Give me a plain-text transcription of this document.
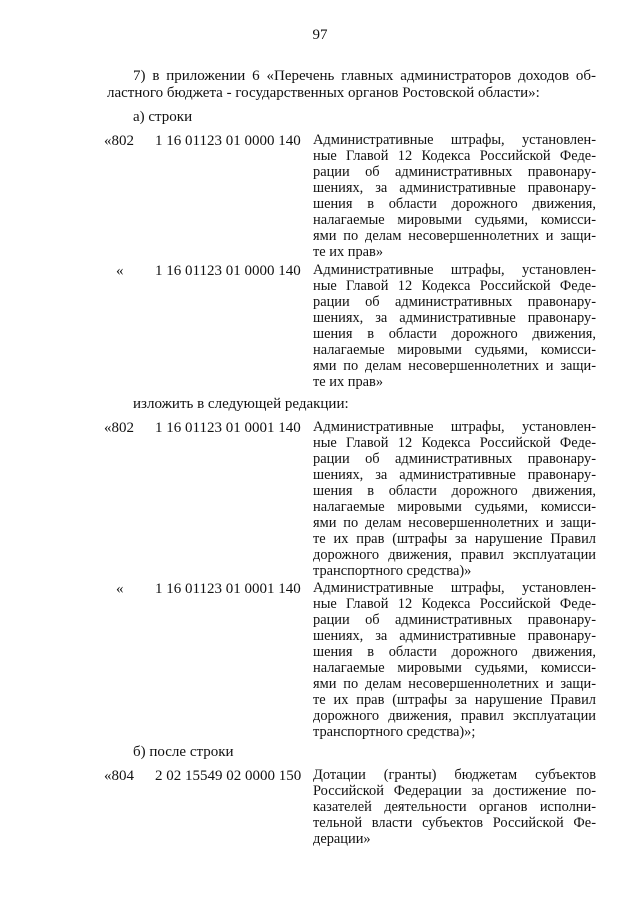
97
7) в приложении 6 «Перечень главных администраторов доходов об-
ластного бюджета - государственных органов Ростовской области»:
а) строки
«802 1 16 01123 01 0000 140 Административные штрафы, установлен-
ные Главой 12 Кодекса Российской Феде-
рации об административных правонару-
шениях, за административные правонару-
шения в области дорожного движения,
налагаемые мировыми судьями, комисси-
ями по делам несовершеннолетних и защи-
те их прав»
« 1 16 01123 01 0000 140 Административные штрафы, установлен-
ные Главой 12 Кодекса Российской Феде-
рации об административных правонару-
шениях, за административные правонару-
шения в области дорожного движения,
налагаемые мировыми судьями, комисси-
ями по делам несовершеннолетних и защи-
те их прав»
изложить в следующей редакции:
«802 1 16 01123 01 0001 140 Административные штрафы, установлен-
ные Главой 12 Кодекса Российской Феде-
рации об административных правонару-
шениях, за административные правонару-
шения в области дорожного движения,
налагаемые мировыми судьями, комисси-
ями по делам несовершеннолетних и защи-
те их прав (штрафы за нарушение Правил
дорожного движения, правил эксплуатации
транспортного средства)»
« 1 16 01123 01 0001 140 Административные штрафы, установлен-
ные Главой 12 Кодекса Российской Феде-
рации об административных правонару-
шениях, за административные правонару-
шения в области дорожного движения,
налагаемые мировыми судьями, комисси-
ями по делам несовершеннолетних и защи-
те их прав (штрафы за нарушение Правил
дорожного движения, правил эксплуатации
транспортного средства)»;
б) после строки
«804 2 02 15549 02 0000 150 Дотации (гранты) бюджетам субъектов
Российской Федерации за достижение по-
казателей деятельности органов исполни-
тельной власти субъектов Российской Фе-
дерации»
